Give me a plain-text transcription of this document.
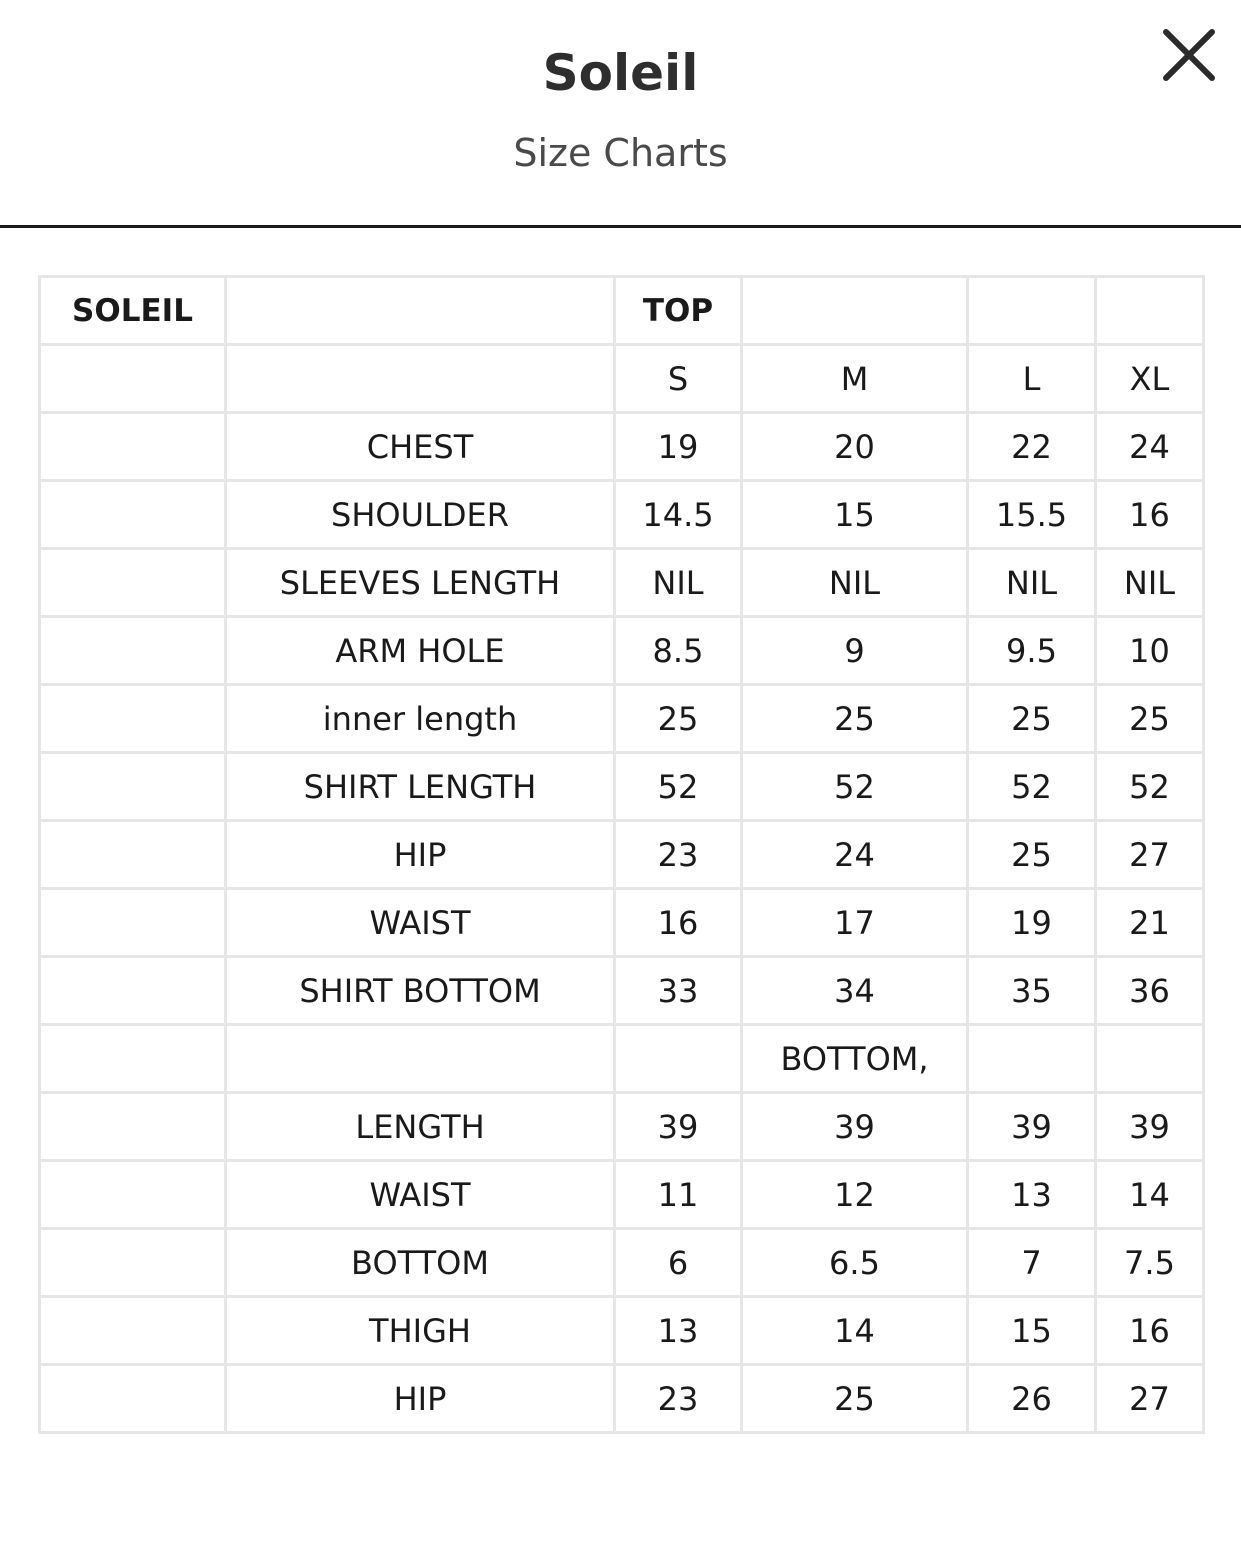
Soleil
Size Charts
SOLEIL		TOP			
		S	M	L	XL
	CHEST	19	20	22	24
	SHOULDER	14.5	15	15.5	16
	SLEEVES LENGTH	NIL	NIL	NIL	NIL
	ARM HOLE	8.5	9	9.5	10
	inner length	25	25	25	25
	SHIRT LENGTH	52	52	52	52
	HIP	23	24	25	27
	WAIST	16	17	19	21
	SHIRT BOTTOM	33	34	35	36
			BOTTOM,		
	LENGTH	39	39	39	39
	WAIST	11	12	13	14
	BOTTOM	6	6.5	7	7.5
	THIGH	13	14	15	16
	HIP	23	25	26	27
